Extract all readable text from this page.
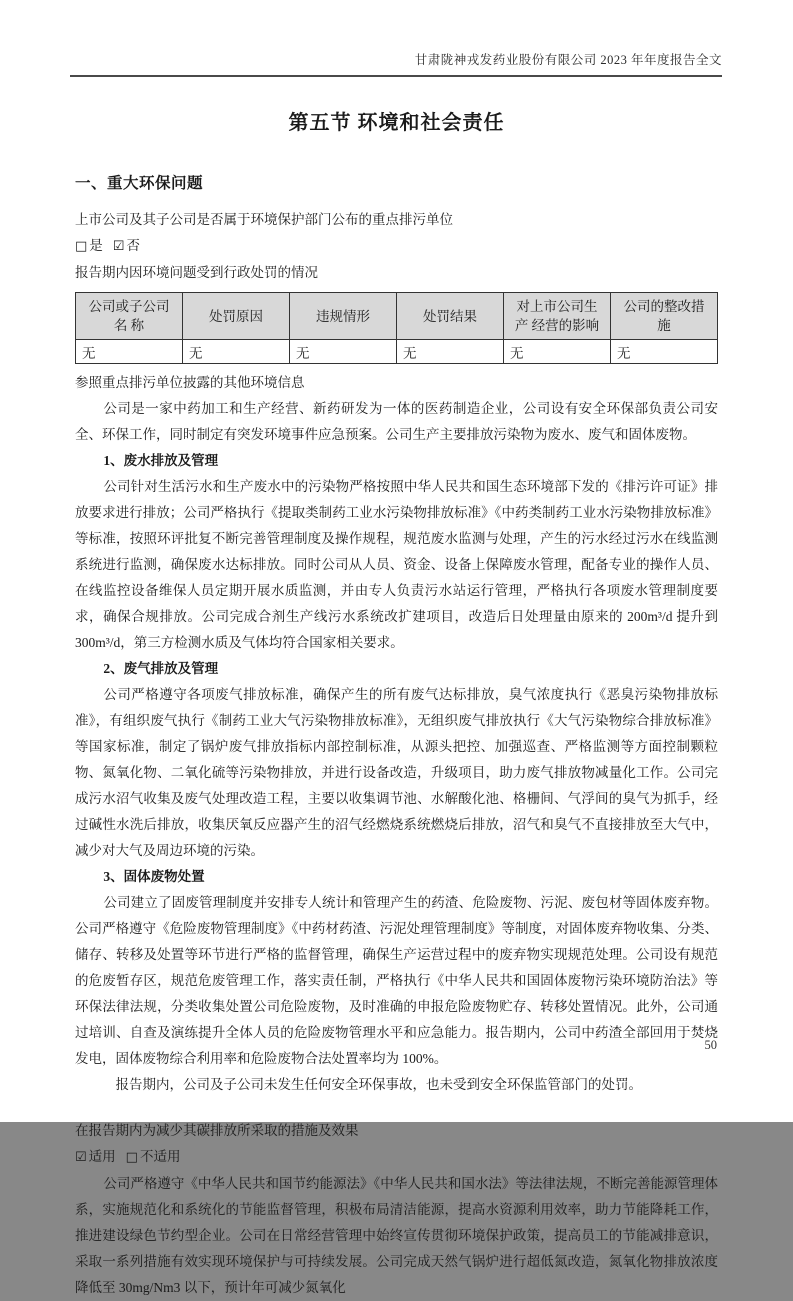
甘肃陇神戎发药业股份有限公司 2023 年年度报告全文
第五节 环境和社会责任
一、重大环保问题
上市公司及其子公司是否属于环境保护部门公布的重点排污单位
□ 是 ☑ 否
报告期内因环境问题受到行政处罚的情况
公司或子公司名 称	处罚原因	违规情形	处罚结果	对上市公司生产 经营的影响	公司的整改措施
无	无	无	无	无	无
参照重点排污单位披露的其他环境信息

公司是一家中药加工和生产经营、新药研发为一体的医药制造企业，公司设有安全环保部负责公司安全、环保工作，同时制定有突发环境事件应急预案。公司生产主要排放污染物为废水、废气和固体废物。

1、废水排放及管理

公司针对生活污水和生产废水中的污染物严格按照中华人民共和国生态环境部下发的《排污许可证》排放要求进行排放；公司严格执行《提取类制药工业水污染物排放标准》《中药类制药工业水污染物排放标准》等标准，按照环评批复不断完善管理制度及操作规程，规范废水监测与处理，产生的污水经过污水在线监测系统进行监测，确保废水达标排放。同时公司从人员、资金、设备上保障废水管理，配备专业的操作人员、在线监控设备维保人员定期开展水质监测，并由专人负责污水站运行管理，严格执行各项废水管理制度要求，确保合规排放。公司完成合剂生产线污水系统改扩建项目，改造后日处理量由原来的 200m³/d 提升到 300m³/d，第三方检测水质及气体均符合国家相关要求。

2、废气排放及管理

公司严格遵守各项废气排放标准，确保产生的所有废气达标排放，臭气浓度执行《恶臭污染物排放标准》，有组织废气执行《制药工业大气污染物排放标准》，无组织废气排放执行《大气污染物综合排放标准》等国家标准，制定了锅炉废气排放指标内部控制标准，从源头把控、加强巡查、严格监测等方面控制颗粒物、氮氧化物、二氧化硫等污染物排放，并进行设备改造，升级项目，助力废气排放物减量化工作。公司完成污水沼气收集及废气处理改造工程，主要以收集调节池、水解酸化池、格栅间、气浮间的臭气为抓手，经过碱性水洗后排放，收集厌氧反应器产生的沼气经燃烧系统燃烧后排放，沼气和臭气不直接排放至大气中，减少对大气及周边环境的污染。

3、固体废物处置

公司建立了固废管理制度并安排专人统计和管理产生的药渣、危险废物、污泥、废包材等固体废弃物。公司严格遵守《危险废物管理制度》《中药材药渣、污泥处理管理制度》等制度，对固体废弃物收集、分类、储存、转移及处置等环节进行严格的监督管理，确保生产运营过程中的废弃物实现规范处理。公司设有规范的危废暂存区，规范危废管理工作，落实责任制，严格执行《中华人民共和国固体废物污染环境防治法》等环保法律法规，分类收集处置公司危险废物，及时准确的申报危险废物贮存、转移处置情况。此外，公司通过培训、自查及演练提升全体人员的危险废物管理水平和应急能力。报告期内，公司中药渣全部回用于焚烧发电，固体废物综合利用率和危险废物合法处置率均为 100%。

报告期内，公司及子公司未发生任何安全环保事故，也未受到安全环保监管部门的处罚。

在报告期内为减少其碳排放所采取的措施及效果
☑ 适用 □ 不适用

公司严格遵守《中华人民共和国节约能源法》《中华人民共和国水法》等法律法规，不断完善能源管理体系，实施规范化和系统化的节能监督管理，积极布局清洁能源，提高水资源利用效率，助力节能降耗工作，推进建设绿色节约型企业。公司在日常经营管理中始终宣传贯彻环境保护政策，提高员工的节能减排意识，采取一系列措施有效实现环境保护与可持续发展。公司完成天然气锅炉进行超低氮改造，氮氧化物排放浓度降低至 30mg/Nm3 以下，预计年可减少氮氧化

50
